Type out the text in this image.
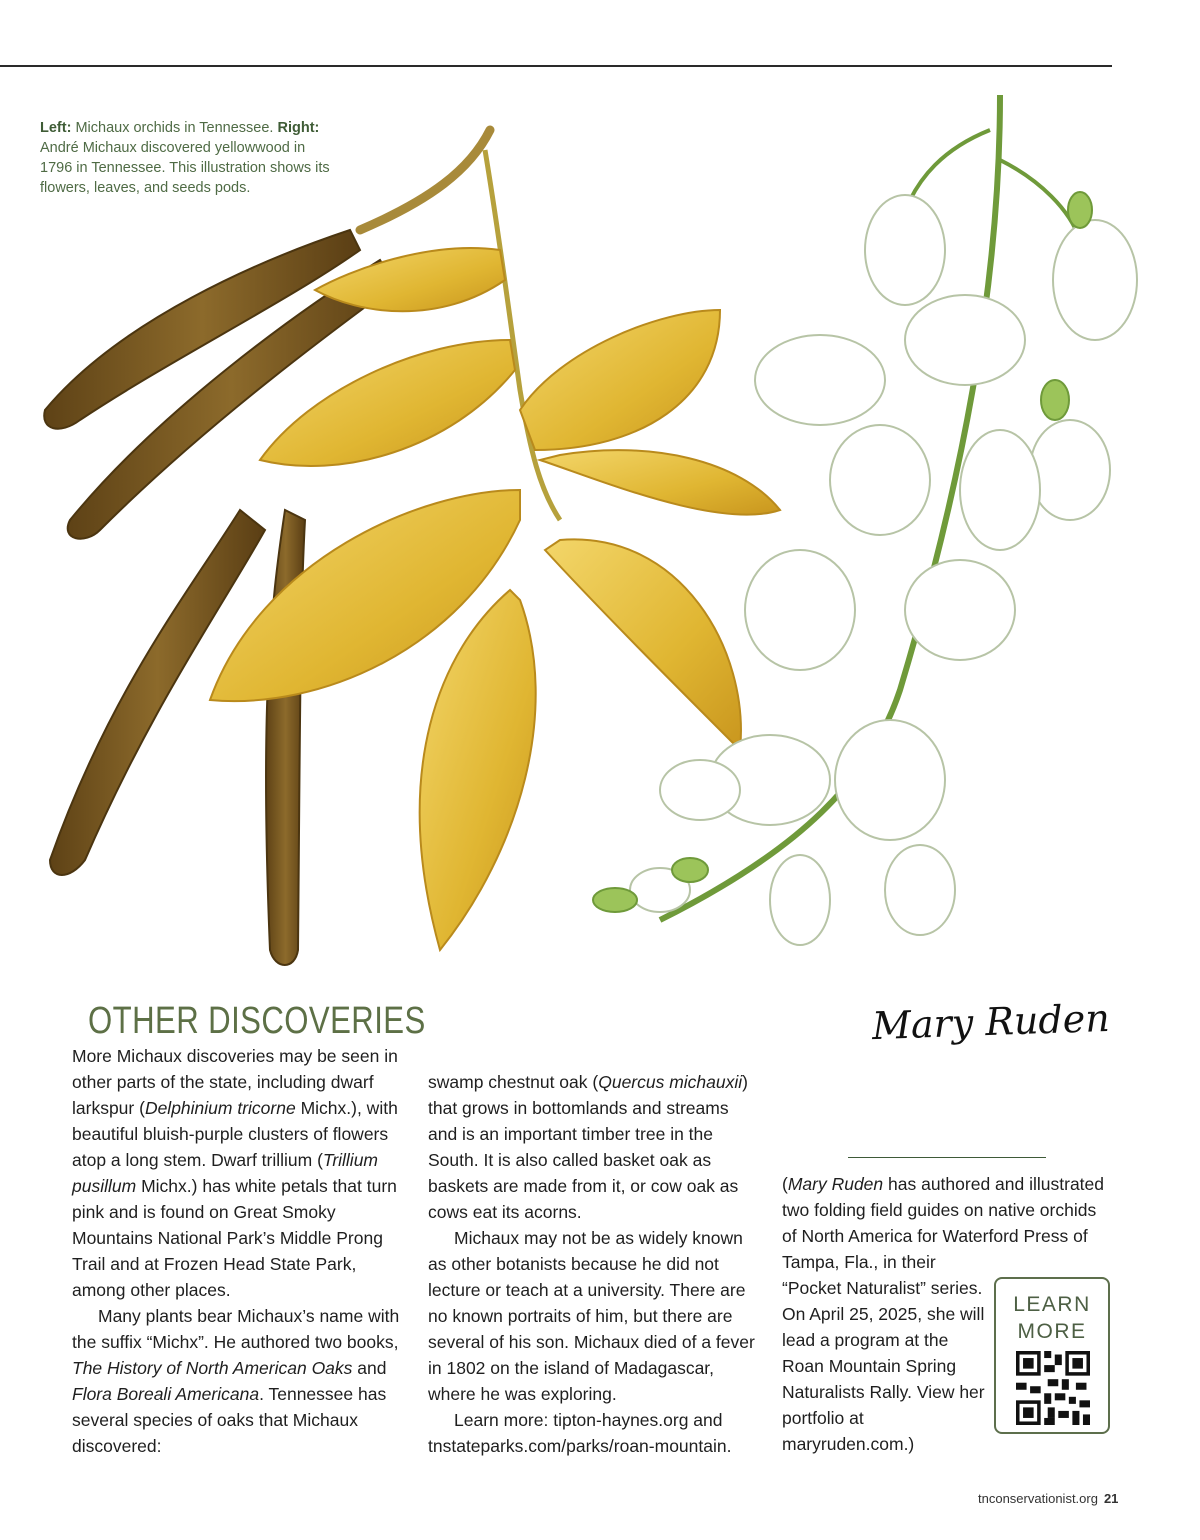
Left: Michaux orchids in Tennessee. Right: André Michaux discovered yellowwood in 1796 in Tennessee. This illustration shows its flowers, leaves, and seeds pods.
OTHER DISCOVERIES	Mary Ruden

More Michaux discoveries may be seen in other parts of the state, including dwarf larkspur (Delphinium tricorne Michx.), with beautiful bluish-purple clusters of flowers atop a long stem. Dwarf trillium (Trillium pusillum Michx.) has white petals that turn pink and is found on Great Smoky Mountains National Park’s Middle Prong Trail and at Frozen Head State Park, among other places.

Many plants bear Michaux’s name with the suffix “Michx”. He authored two books, The History of North American Oaks and Flora Boreali Americana. Tennessee has several species of oaks that Michaux discovered:

swamp chestnut oak (Quercus michauxii) that grows in bottomlands and streams and is an important timber tree in the South. It is also called basket oak as baskets are made from it, or cow oak as cows eat its acorns.

Michaux may not be as widely known as other botanists because he did not lecture or teach at a university. There are no known portraits of him, but there are several of his son. Michaux died of a fever in 1802 on the island of Madagascar, where he was exploring.

Learn more: tipton-haynes.org and tnstateparks.com/parks/roan-mountain.

(Mary Ruden has authored and illustrated two folding field guides on native orchids of North America for Waterford Press of Tampa, Fla., in their

“Pocket Naturalist” series. On April 25, 2025, she will lead a program at the Roan Mountain Spring Naturalists Rally. View her portfolio at maryruden.com.)

LEARN
MORE
tnconservationist.org 21
